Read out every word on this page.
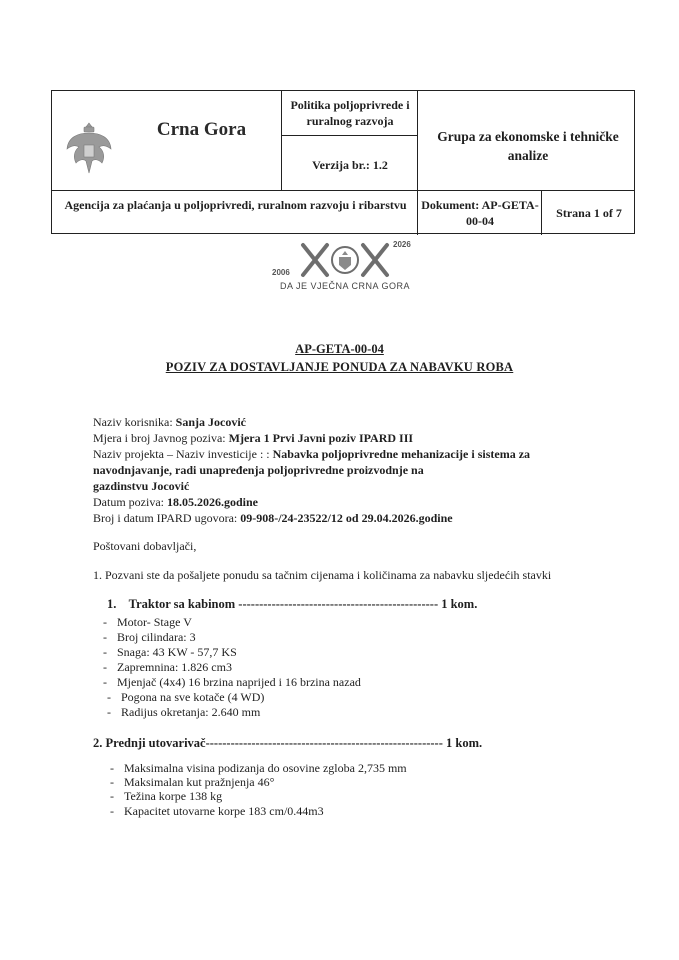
Crna Gora
Politika poljoprivrede i ruralnog razvoja
Verzija br.: 1.2
Grupa za ekonomske i tehničke analize
Agencija za plaćanja u poljoprivredi, ruralnom razvoju i ribarstvu	Dokument: AP-GETA-00-04
Strana 1 of 7
2006
2026
DA JE VJEČNA CRNA GORA
AP-GETA-00-04
POZIV ZA DOSTAVLJANJE PONUDA ZA NABAVKU ROBA
Naziv korisnika: Sanja Jocović
Mjera i broj Javnog poziva: Mjera 1 Prvi Javni poziv IPARD III
Naziv projekta – Naziv investicije : : Nabavka poljoprivredne mehanizacije i sistema za
navodnjavanje, radi unapređenja poljoprivredne proizvodnje na
gazdinstvu Jocović
Datum poziva: 18.05.2026.godine
Broj i datum IPARD ugovora: 09-908-/24-23522/12 od 29.04.2026.godine
Poštovani dobavljači,
1. Pozvani ste da pošaljete ponudu sa tačnim cijenama i količinama za nabavku sljedećih stavki
1. Traktor sa kabinom ------------------------------------------------ 1 kom.
- Motor- Stage V
- Broj cilindara: 3
- Snaga: 43 KW - 57,7 KS
- Zapremnina: 1.826 cm3
- Mjenjač (4x4) 16 brzina naprijed i 16 brzina nazad
- Pogona na sve kotače (4 WD)
- Radijus okretanja: 2.640 mm
2. Prednji utovarivač--------------------------------------------------------- 1 kom.
- Maksimalna visina podizanja do osovine zgloba 2,735 mm
- Maksimalan kut pražnjenja 46°
- Težina korpe 138 kg
- Kapacitet utovarne korpe 183 cm/0.44m3
